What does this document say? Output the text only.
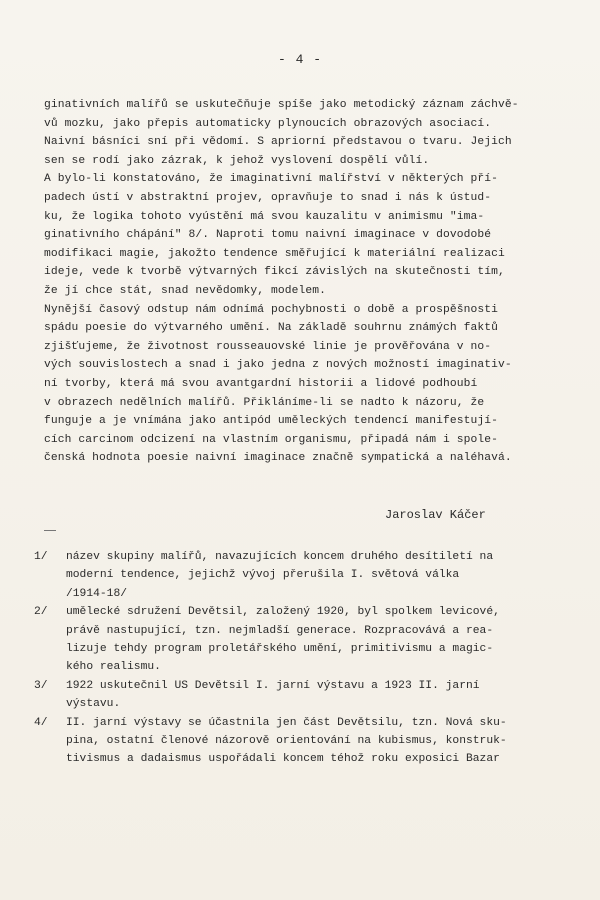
- 4 -
ginativních malířů se uskutečňuje spíše jako metodický záznam záchvě-
vů mozku, jako přepis automaticky plynoucích obrazových asociací.
Naivní básníci sní při vědomí. S apriorní představou o tvaru. Jejich
sen se rodí jako zázrak, k jehož vyslovení dospělí vůlí.
A bylo-li konstatováno, že imaginativní malířství v některých pří-
padech ústí v abstraktní projev, opravňuje to snad i nás k ústud-
ku, že logika tohoto vyústění má svou kauzalitu v animismu "ima-
ginativního chápání" 8/. Naproti tomu naivní imaginace v dovodobé
modifikaci magie, jakožto tendence směřující k materiální realizaci
ideje, vede k tvorbě výtvarných fikcí závislých na skutečnosti tím,
že jí chce stát, snad nevědomky, modelem.
Nynější časový odstup nám odnímá pochybnosti o době a prospěšnosti
spádu poesie do výtvarného umění. Na základě souhrnu známých faktů
zjišťujeme, že životnost rousseauovské linie je prověřována v no-
vých souvislostech a snad i jako jedna z nových možností imaginativ-
ní tvorby, která má svou avantgardní historii a lidové podhoubí
v obrazech nedělních malířů. Přikláníme-li se nadto k názoru, že
funguje a je vnímána jako antipód uměleckých tendencí manifestují-
cích carcinom odcizení na vlastním organismu, připadá nám i spole-
čenská hodnota poesie naivní imaginace značně sympatická a naléhavá.
Jaroslav Káčer
1/	název skupiny malířů, navazujících koncem druhého desítiletí na
moderní tendence, jejichž vývoj přerušila I. světová válka
/1914-18/
2/	umělecké sdružení Devětsil, založený 1920, byl spolkem levicové,
právě nastupující, tzn. nejmladší generace. Rozpracovává a rea-
lizuje tehdy program proletářského umění, primitivismu a magic-
kého realismu.
3/	1922 uskutečnil US Devětsil I. jarní výstavu a 1923 II. jarní
výstavu.
4/	II. jarní výstavy se účastnila jen část Devětsilu, tzn. Nová sku-
pina, ostatní členové názorově orientování na kubismus, konstruk-
tivismus a dadaismus uspořádali koncem téhož roku exposici Bazar
